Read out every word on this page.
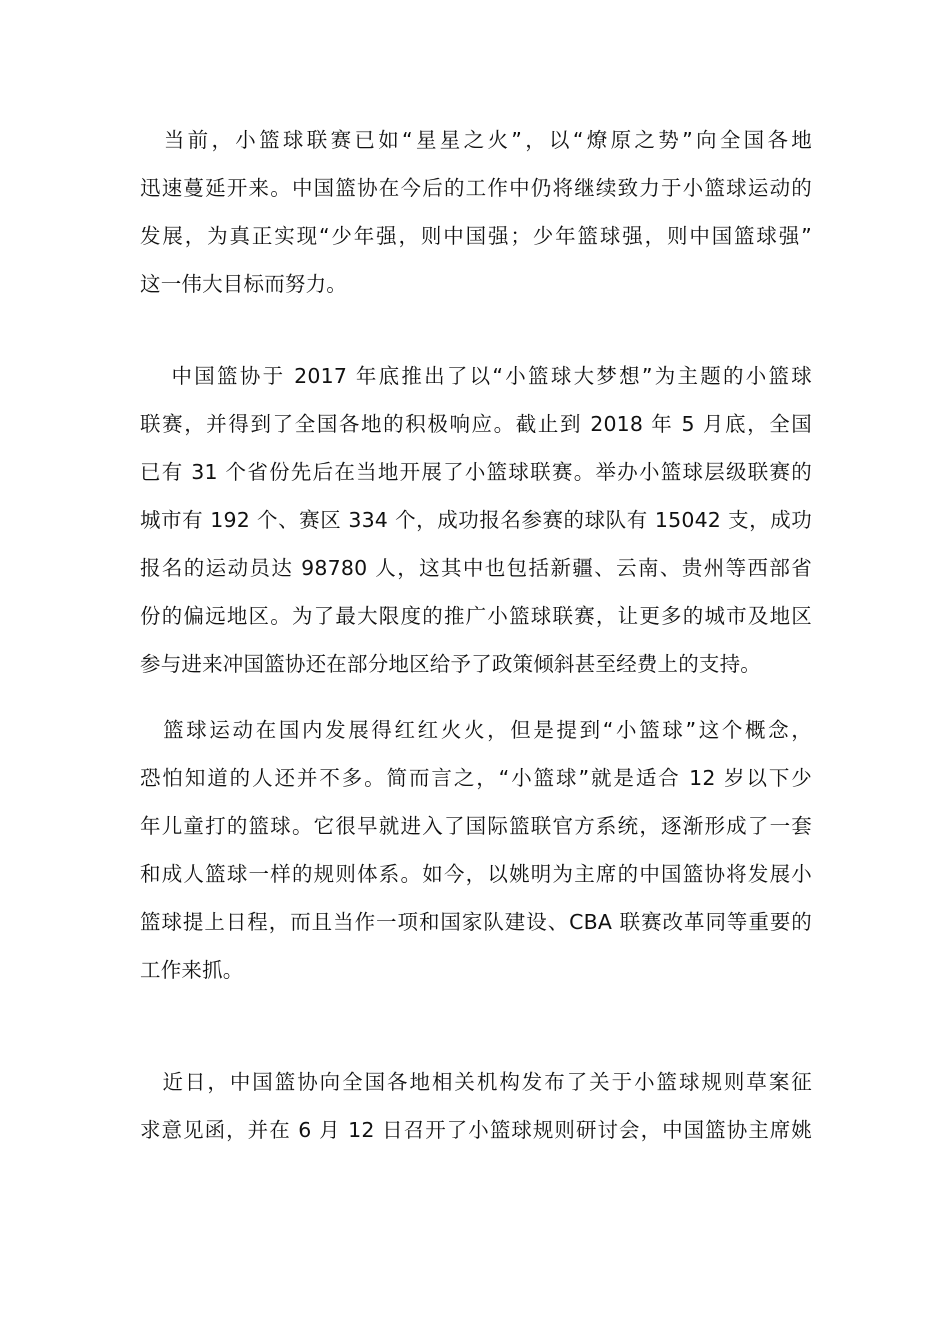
　当前，小篮球联赛已如“星星之火”，以“燎原之势”向全国各地
迅速蔓延开来。中国篮协在今后的工作中仍将继续致力于小篮球运动的
发展，为真正实现“少年强，则中国强；少年篮球强，则中国篮球强”
这一伟大目标而努力。
　 中国篮协于 2017 年底推出了以“小篮球大梦想”为主题的小篮球
联赛，并得到了全国各地的积极响应。截止到 2018 年 5 月底，全国
已有 31 个省份先后在当地开展了小篮球联赛。举办小篮球层级联赛的
城市有 192 个、赛区 334 个，成功报名参赛的球队有 15042 支，成功
报名的运动员达 98780 人，这其中也包括新疆、云南、贵州等西部省
份的偏远地区。为了最大限度的推广小篮球联赛，让更多的城市及地区
参与进来冲国篮协还在部分地区给予了政策倾斜甚至经费上的支持。
　篮球运动在国内发展得红红火火，但是提到“小篮球”这个概念，
恐怕知道的人还并不多。简而言之，“小篮球”就是适合 12 岁以下少
年儿童打的篮球。它很早就进入了国际篮联官方系统，逐渐形成了一套
和成人篮球一样的规则体系。如今，以姚明为主席的中国篮协将发展小
篮球提上日程，而且当作一项和国家队建设、CBA 联赛改革同等重要的
工作来抓。
　近日，中国篮协向全国各地相关机构发布了关于小篮球规则草案征
求意见函，并在 6 月 12 日召开了小篮球规则研讨会，中国篮协主席姚
